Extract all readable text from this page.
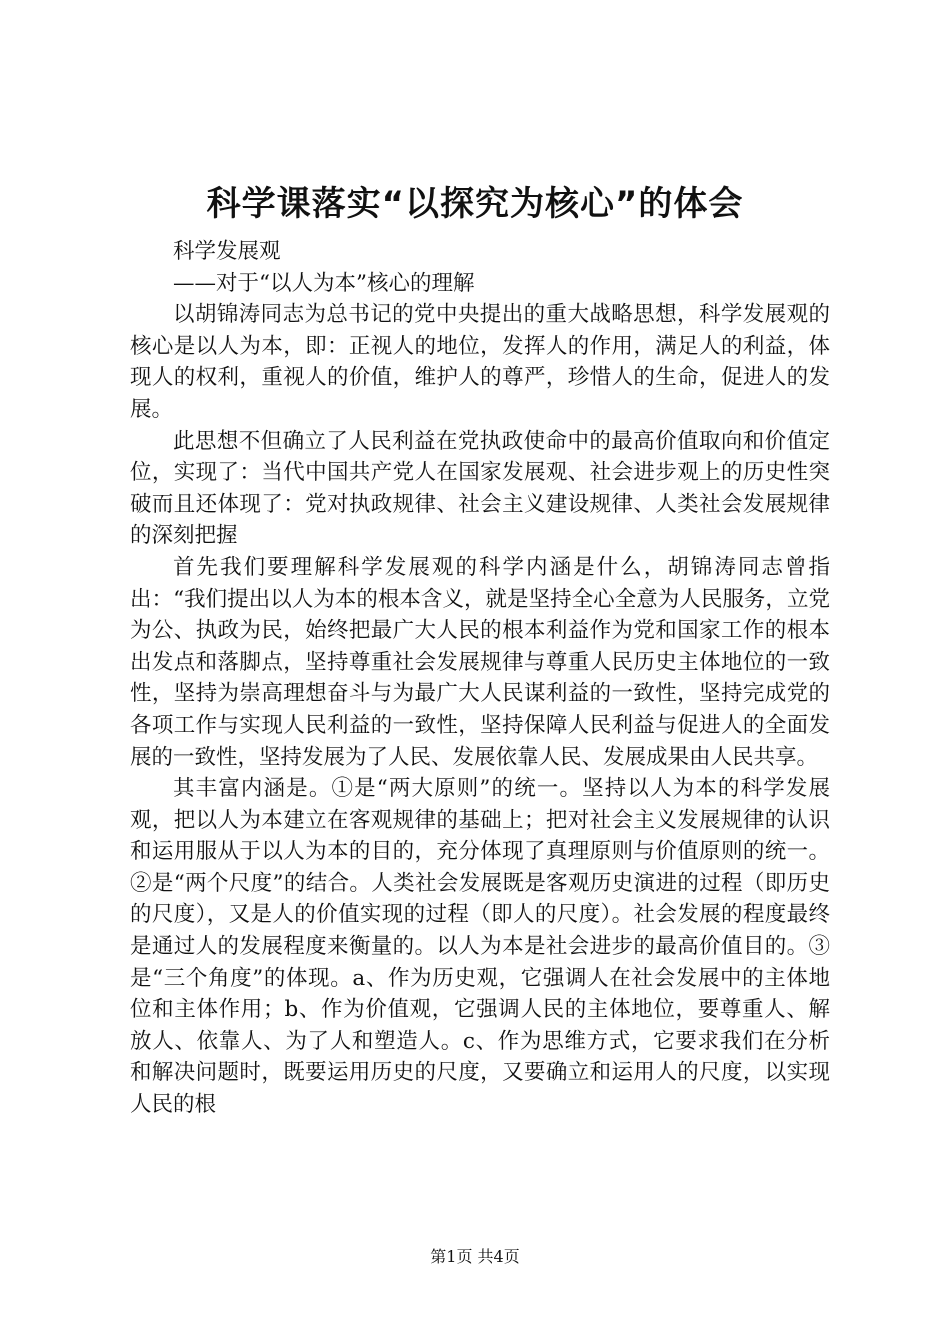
科学课落实“以探究为核心”的体会

科学发展观

——对于“以人为本”核心的理解

以胡锦涛同志为总书记的党中央提出的重大战略思想，科学发展观的核心是以人为本，即：正视人的地位，发挥人的作用，满足人的利益，体现人的权利，重视人的价值，维护人的尊严，珍惜人的生命，促进人的发展。

此思想不但确立了人民利益在党执政使命中的最高价值取向和价值定位，实现了：当代中国共产党人在国家发展观、社会进步观上的历史性突破而且还体现了：党对执政规律、社会主义建设规律、人类社会发展规律的深刻把握

首先我们要理解科学发展观的科学内涵是什么，胡锦涛同志曾指出：“我们提出以人为本的根本含义，就是坚持全心全意为人民服务，立党为公、执政为民，始终把最广大人民的根本利益作为党和国家工作的根本出发点和落脚点，坚持尊重社会发展规律与尊重人民历史主体地位的一致性，坚持为崇高理想奋斗与为最广大人民谋利益的一致性，坚持完成党的各项工作与实现人民利益的一致性，坚持保障人民利益与促进人的全面发展的一致性，坚持发展为了人民、发展依靠人民、发展成果由人民共享。

其丰富内涵是。①是“两大原则”的统一。坚持以人为本的科学发展观，把以人为本建立在客观规律的基础上；把对社会主义发展规律的认识和运用服从于以人为本的目的，充分体现了真理原则与价值原则的统一。②是“两个尺度”的结合。人类社会发展既是客观历史演进的过程（即历史的尺度），又是人的价值实现的过程（即人的尺度）。社会发展的程度最终是通过人的发展程度来衡量的。以人为本是社会进步的最高价值目的。③是“三个角度”的体现。a、作为历史观，它强调人在社会发展中的主体地位和主体作用；b、作为价值观，它强调人民的主体地位，要尊重人、解放人、依靠人、为了人和塑造人。c、作为思维方式，它要求我们在分析和解决问题时，既要运用历史的尺度，又要确立和运用人的尺度，以实现人民的根

第1页 共4页
